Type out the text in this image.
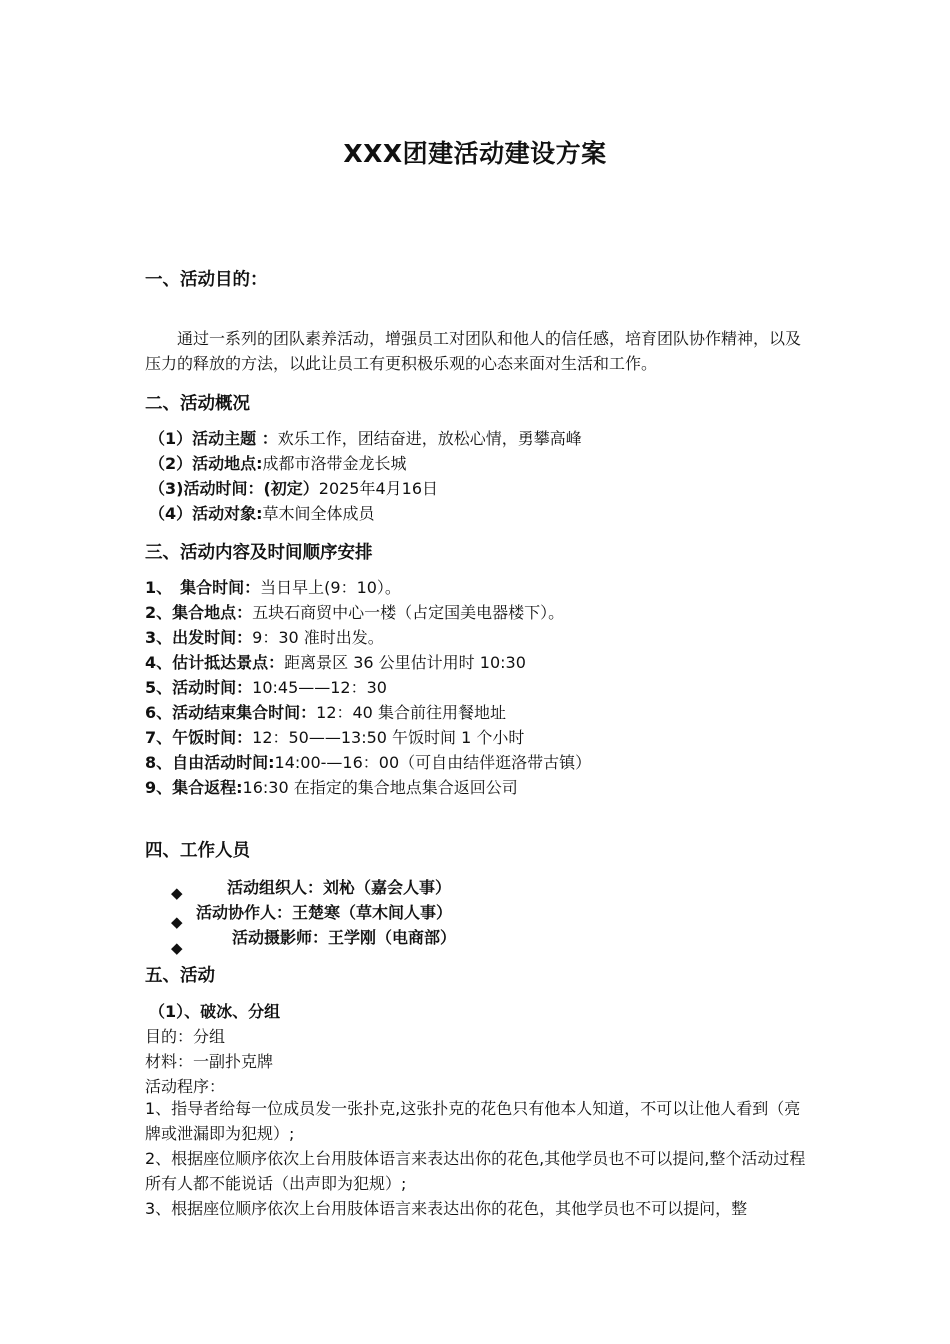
XXX团建活动建设方案
一、活动目的：
通过一系列的团队素养活动，增强员工对团队和他人的信任感，培育团队协作精神，以及压力的释放的方法，以此让员工有更积极乐观的心态来面对生活和工作。
二、活动概况
（1）活动主题 ：欢乐工作，团结奋进，放松心情，勇攀高峰
（2）活动地点:成都市洛带金龙长城
（3)活动时间：(初定）2025年4月16日
（4）活动对象:草木间全体成员
三、活动内容及时间顺序安排
1、　集合时间：当日早上(9：10）。
2、集合地点：五块石商贸中心一楼（占定国美电器楼下）。
3、出发时间：9：30 准时出发。
4、估计抵达景点：距离景区 36 公里估计用时 10:30
5、活动时间：10:45——12：30
6、活动结束集合时间：12：40 集合前往用餐地址
7、午饭时间：12：50——13:50 午饭时间 1 个小时
8、自由活动时间:14:00-—16：00（可自由结伴逛洛带古镇）
9、集合返程:16:30 在指定的集合地点集合返回公司
四、工作人员
◆
◆
◆
活动组织人：刘杺（嘉会人事）
活动协作人：王楚寒（草木间人事）
活动摄影师：王学刚（电商部）
五、活动
（1）、破冰、分组
目的：分组
材料：一副扑克牌
活动程序：
1、指导者给每一位成员发一张扑克,这张扑克的花色只有他本人知道，不可以让他人看到（亮牌或泄漏即为犯规）;
2、根据座位顺序依次上台用肢体语言来表达出你的花色,其他学员也不可以提问,整个活动过程所有人都不能说话（出声即为犯规）;
3、根据座位顺序依次上台用肢体语言来表达出你的花色，其他学员也不可以提问，整
